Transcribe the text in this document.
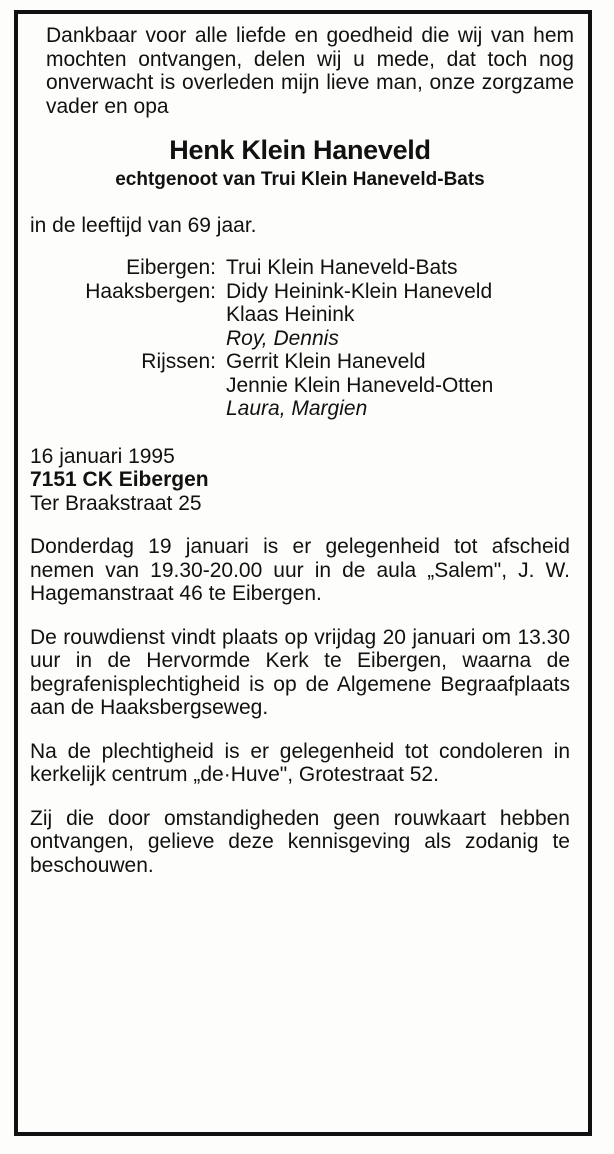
Dankbaar voor alle liefde en goedheid die wij van hem mochten ontvangen, delen wij u mede, dat toch nog onverwacht is overleden mijn lieve man, onze zorgzame vader en opa

Henk Klein Haneveld

echtgenoot van Trui Klein Haneveld-Bats

in de leeftijd van 69 jaar.

Eibergen: Trui Klein Haneveld-Bats
Haaksbergen: Didy Heinink-Klein Haneveld
Klaas Heinink
Roy, Dennis
Rijssen: Gerrit Klein Haneveld
Jennie Klein Haneveld-Otten
Laura, Margien

16 januari 1995

7151 CK Eibergen

Ter Braakstraat 25

Donderdag 19 januari is er gelegenheid tot afscheid nemen van 19.30-20.00 uur in de aula „Salem", J. W. Hagemanstraat 46 te Eibergen.

De rouwdienst vindt plaats op vrijdag 20 januari om 13.30 uur in de Hervormde Kerk te Eibergen, waarna de begrafenisplechtigheid is op de Algemene Begraafplaats aan de Haaksbergseweg.

Na de plechtigheid is er gelegenheid tot condoleren in kerkelijk centrum „de·Huve", Grotestraat 52.

Zij die door omstandigheden geen rouwkaart hebben ontvangen, gelieve deze kennisgeving als zodanig te beschouwen.
